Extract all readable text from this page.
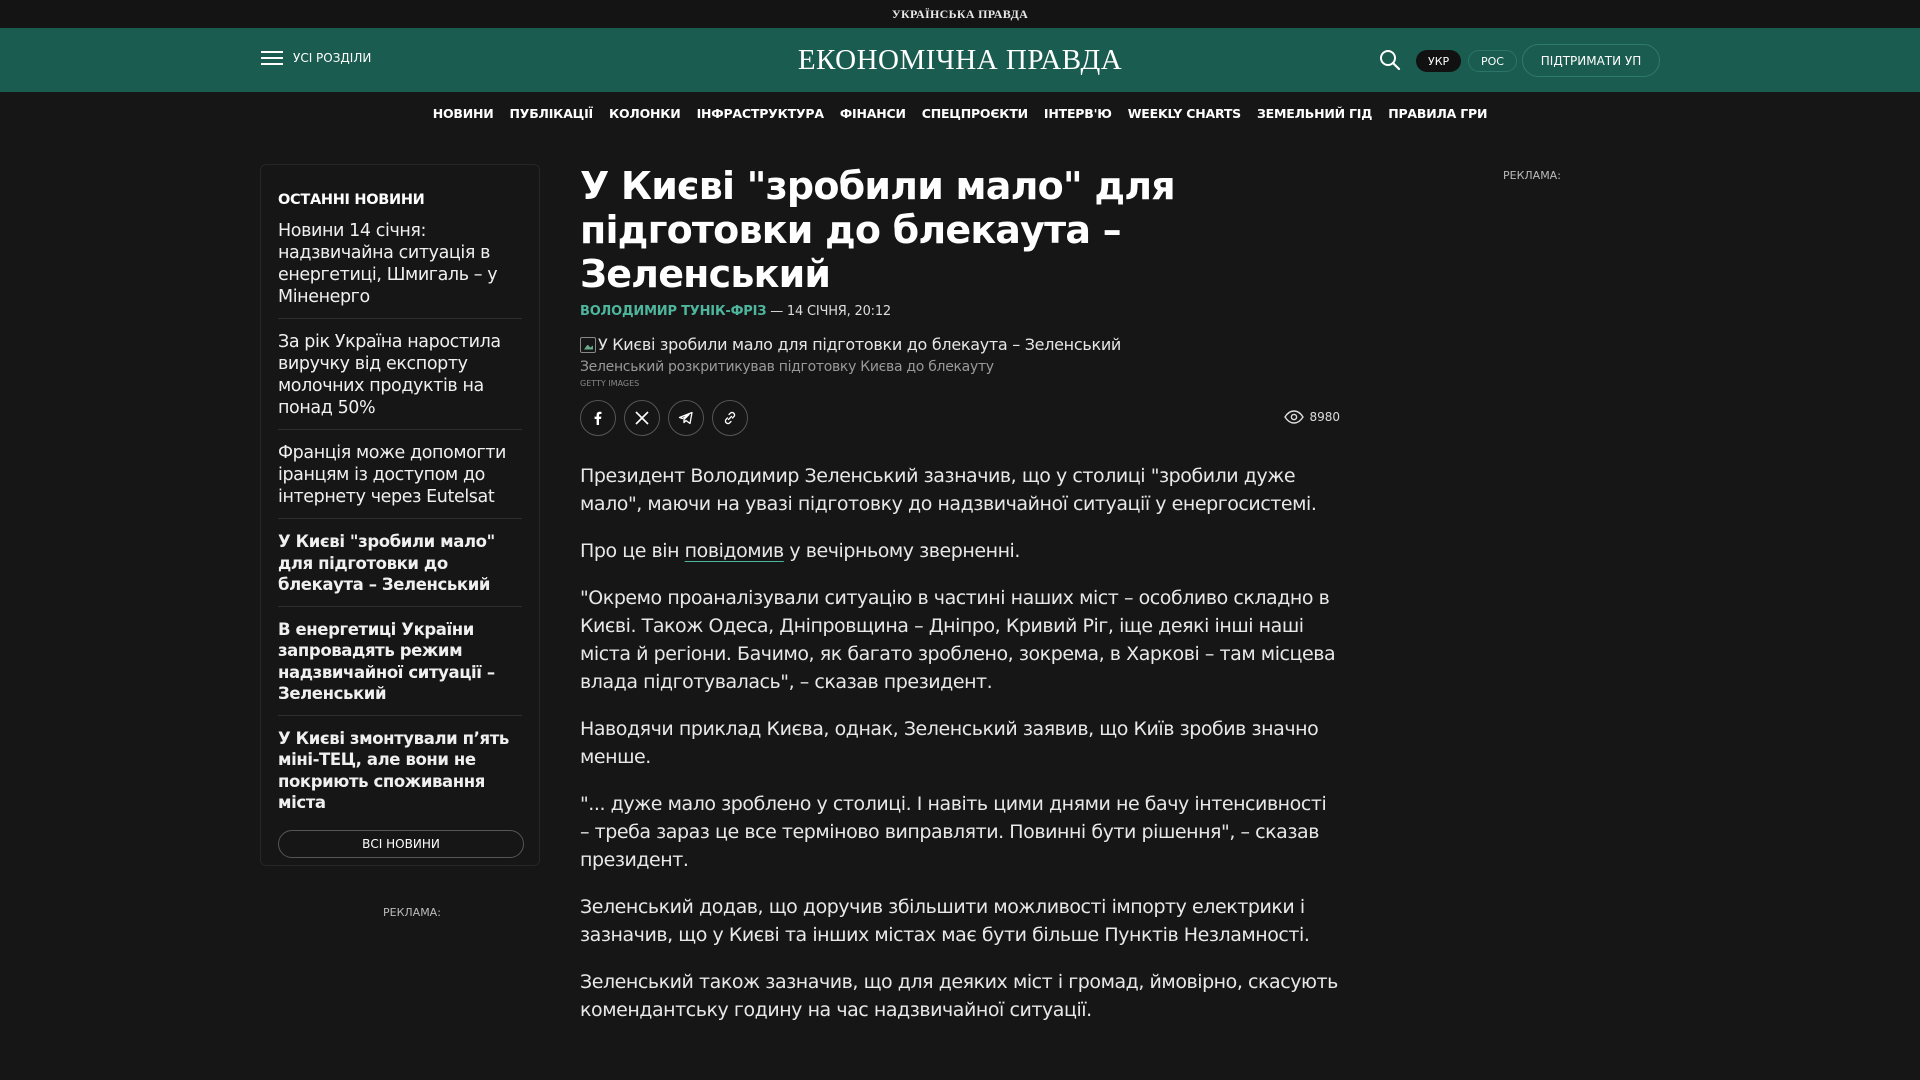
УКРАЇНСЬКА ПРАВДА
УСІ РОЗДІЛИ	ЕКОНОМІЧНА ПРАВДА	УКР	РОС	ПІДТРИМАТИ УП
НОВИНИ ПУБЛІКАЦІЇ КОЛОНКИ ІНФРАСТРУКТУРА ФІНАНСИ СПЕЦПРОЄКТИ ІНТЕРВ'Ю WEEKLY CHARTS ЗЕМЕЛЬНИЙ ГІД ПРАВИЛА ГРИ
ОСТАННІ НОВИНИ
Новини 14 січня: надзвичайна ситуація в енергетиці, Шмигаль – у Міненерго
За рік Україна наростила виручку від експорту молочних продуктів на понад 50%
Франція може допомогти іранцям із доступом до інтернету через Eutelsat
У Києві "зробили мало" для підготовки до блекаута – Зеленський
В енергетиці України запровадять режим надзвичайної ситуації – Зеленський
У Києві змонтували п’ять міні-ТЕЦ, але вони не покриють споживання міста
ВСІ НОВИНИ
РЕКЛАМА:
РЕКЛАМА:
У Києві "зробили мало" для підготовки до блекаута – Зеленський
ВОЛОДИМИР ТУНІК-ФРІЗ — 14 СІЧНЯ, 20:12
У Києві зробили мало для підготовки до блекаута – Зеленський
Зеленський розкритикував підготовку Києва до блекауту
GETTY IMAGES
8980

Президент Володимир Зеленський зазначив, що у столиці "зробили дуже мало", маючи на увазі підготовку до надзвичайної ситуації у енергосистемі.

Про це він повідомив у вечірньому зверненні.

"Окремо проаналізували ситуацію в частині наших міст – особливо складно в Києві. Також Одеса, Дніпровщина – Дніпро, Кривий Ріг, іще деякі інші наші міста й регіони. Бачимо, як багато зроблено, зокрема, в Харкові – там місцева влада підготувалась", – сказав президент.

Наводячи приклад Києва, однак, Зеленський заявив, що Київ зробив значно менше.

"... дуже мало зроблено у столиці. І навіть цими днями не бачу інтенсивності – треба зараз це все терміново виправляти. Повинні бути рішення", – сказав президент.

Зеленський додав, що доручив збільшити можливості імпорту електрики і зазначив, що у Києві та інших містах має бути більше Пунктів Незламності.

Зеленський також зазначив, що для деяких міст і громад, ймовірно, скасують комендантську годину на час надзвичайної ситуації.
